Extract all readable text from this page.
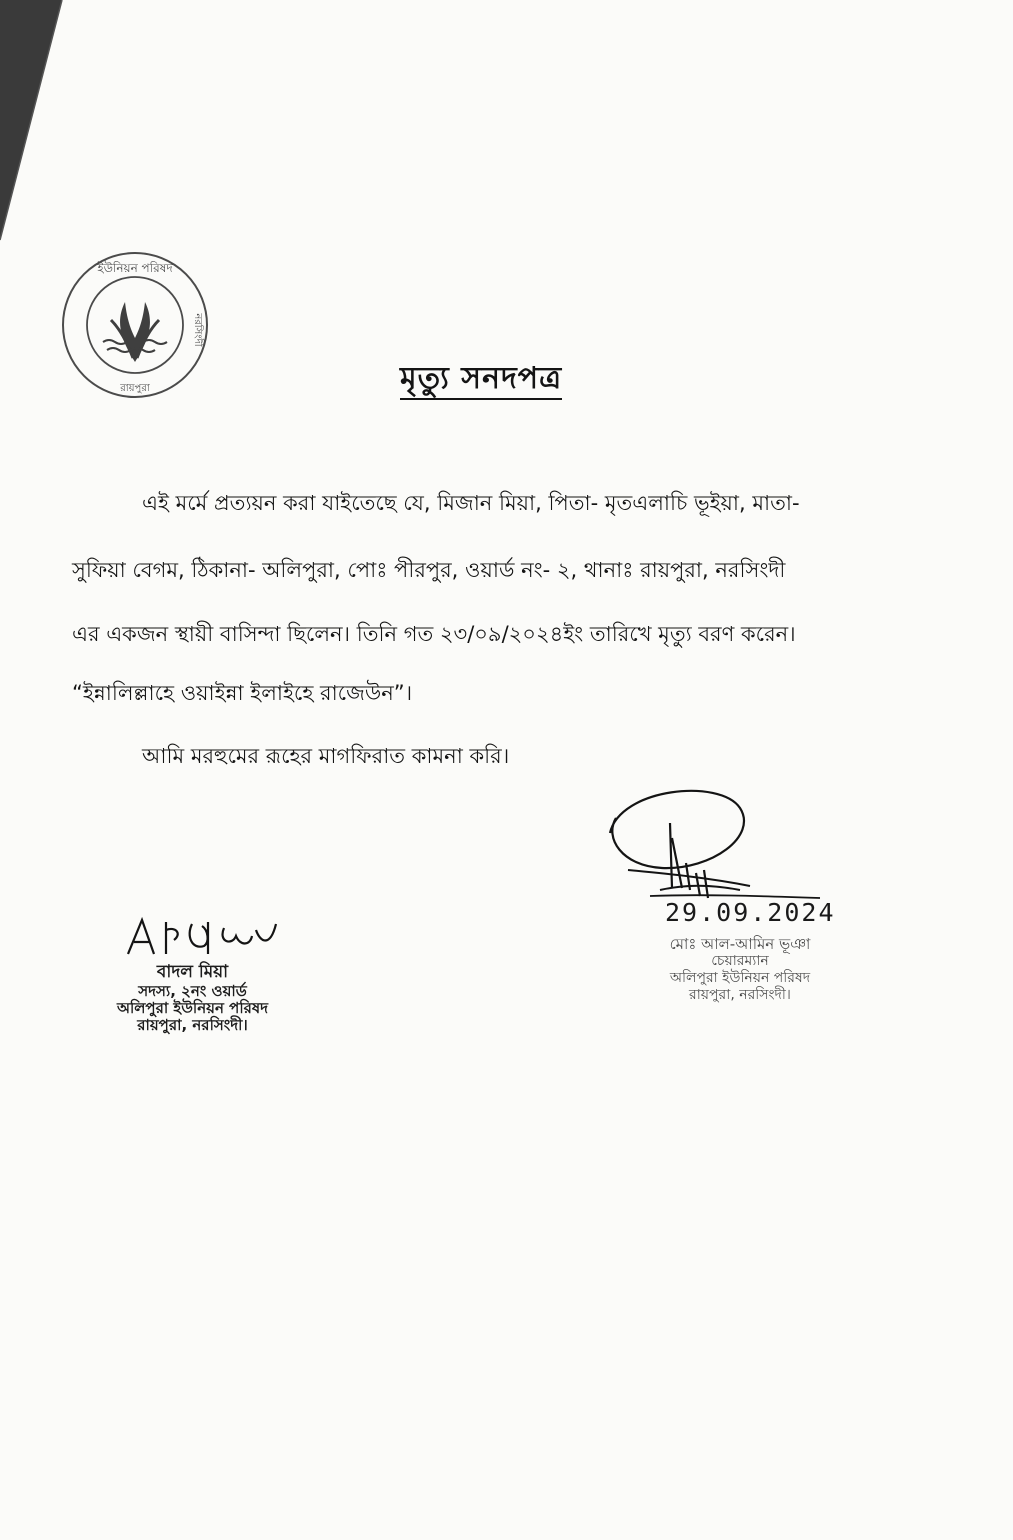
ইউনিয়ন পরিষদ
নরসিংদী
রায়পুরা	মৃত্যু সনদপত্র
এই মর্মে প্রত্যয়ন করা যাইতেছে যে, মিজান মিয়া, পিতা- মৃতএলাচি ভূইয়া, মাতা-
সুফিয়া বেগম, ঠিকানা- অলিপুরা, পোঃ পীরপুর, ওয়ার্ড নং- ২, থানাঃ রায়পুরা, নরসিংদী
এর একজন স্থায়ী বাসিন্দা ছিলেন। তিনি গত ২৩/০৯/২০২৪ইং তারিখে মৃত্যু বরণ করেন।
“ইন্নালিল্লাহে ওয়াইন্না ইলাইহে রাজেউন”।
আমি মরহুমের রূহের মাগফিরাত কামনা করি।
29.09.2024
বাদল মিয়া
সদস্য, ২নং ওয়ার্ড
অলিপুরা ইউনিয়ন পরিষদ
রায়পুরা, নরসিংদী।
মোঃ আল-আমিন ভূঞা
চেয়ারম্যান
অলিপুরা ইউনিয়ন পরিষদ
রায়পুরা, নরসিংদী।
